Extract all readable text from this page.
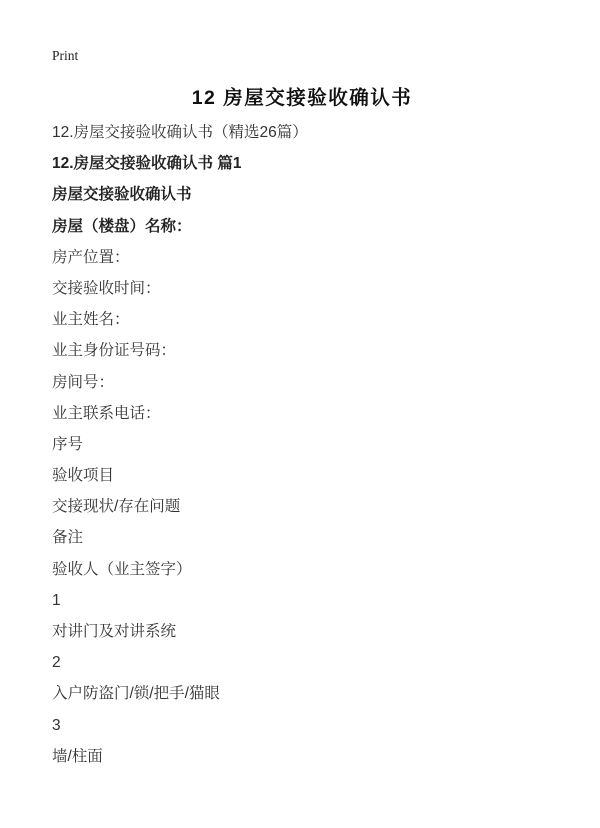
Print
12 房屋交接验收确认书

12.房屋交接验收确认书（精选26篇）

12.房屋交接验收确认书 篇1

房屋交接验收确认书

房屋（楼盘）名称：

房产位置：

交接验收时间：

业主姓名：

业主身份证号码：

房间号：

业主联系电话：

序号

验收项目

交接现状/存在问题

备注

验收人（业主签字）

1

对讲门及对讲系统

2

入户防盗门/锁/把手/猫眼

3

墙/柱面
